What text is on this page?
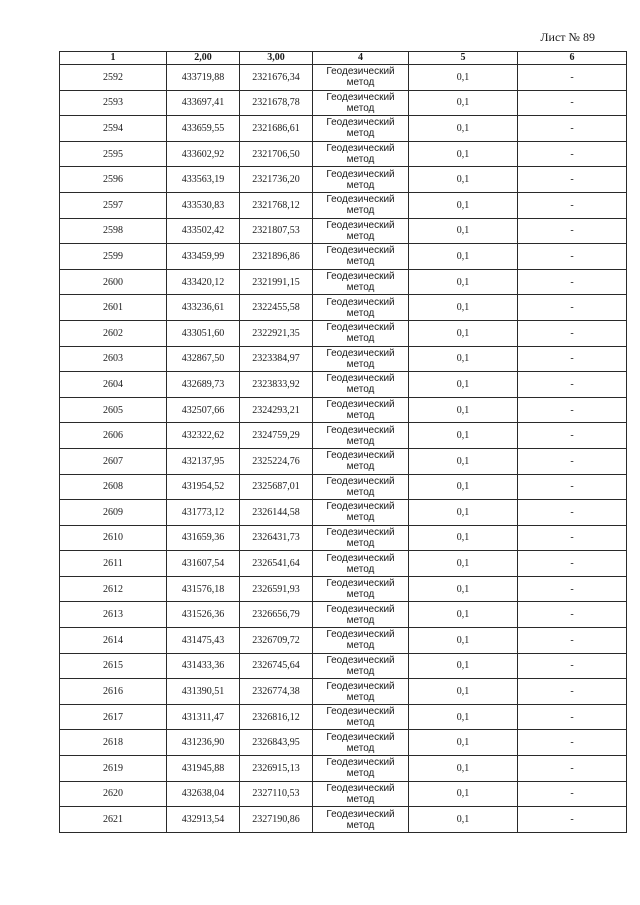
Лист № 89
1	2,00	3,00	4	5	6
2592	433719,88	2321676,34	Геодезический метод	0,1	-
2593	433697,41	2321678,78	Геодезический метод	0,1	-
2594	433659,55	2321686,61	Геодезический метод	0,1	-
2595	433602,92	2321706,50	Геодезический метод	0,1	-
2596	433563,19	2321736,20	Геодезический метод	0,1	-
2597	433530,83	2321768,12	Геодезический метод	0,1	-
2598	433502,42	2321807,53	Геодезический метод	0,1	-
2599	433459,99	2321896,86	Геодезический метод	0,1	-
2600	433420,12	2321991,15	Геодезический метод	0,1	-
2601	433236,61	2322455,58	Геодезический метод	0,1	-
2602	433051,60	2322921,35	Геодезический метод	0,1	-
2603	432867,50	2323384,97	Геодезический метод	0,1	-
2604	432689,73	2323833,92	Геодезический метод	0,1	-
2605	432507,66	2324293,21	Геодезический метод	0,1	-
2606	432322,62	2324759,29	Геодезический метод	0,1	-
2607	432137,95	2325224,76	Геодезический метод	0,1	-
2608	431954,52	2325687,01	Геодезический метод	0,1	-
2609	431773,12	2326144,58	Геодезический метод	0,1	-
2610	431659,36	2326431,73	Геодезический метод	0,1	-
2611	431607,54	2326541,64	Геодезический метод	0,1	-
2612	431576,18	2326591,93	Геодезический метод	0,1	-
2613	431526,36	2326656,79	Геодезический метод	0,1	-
2614	431475,43	2326709,72	Геодезический метод	0,1	-
2615	431433,36	2326745,64	Геодезический метод	0,1	-
2616	431390,51	2326774,38	Геодезический метод	0,1	-
2617	431311,47	2326816,12	Геодезический метод	0,1	-
2618	431236,90	2326843,95	Геодезический метод	0,1	-
2619	431945,88	2326915,13	Геодезический метод	0,1	-
2620	432638,04	2327110,53	Геодезический метод	0,1	-
2621	432913,54	2327190,86	Геодезический метод	0,1	-
